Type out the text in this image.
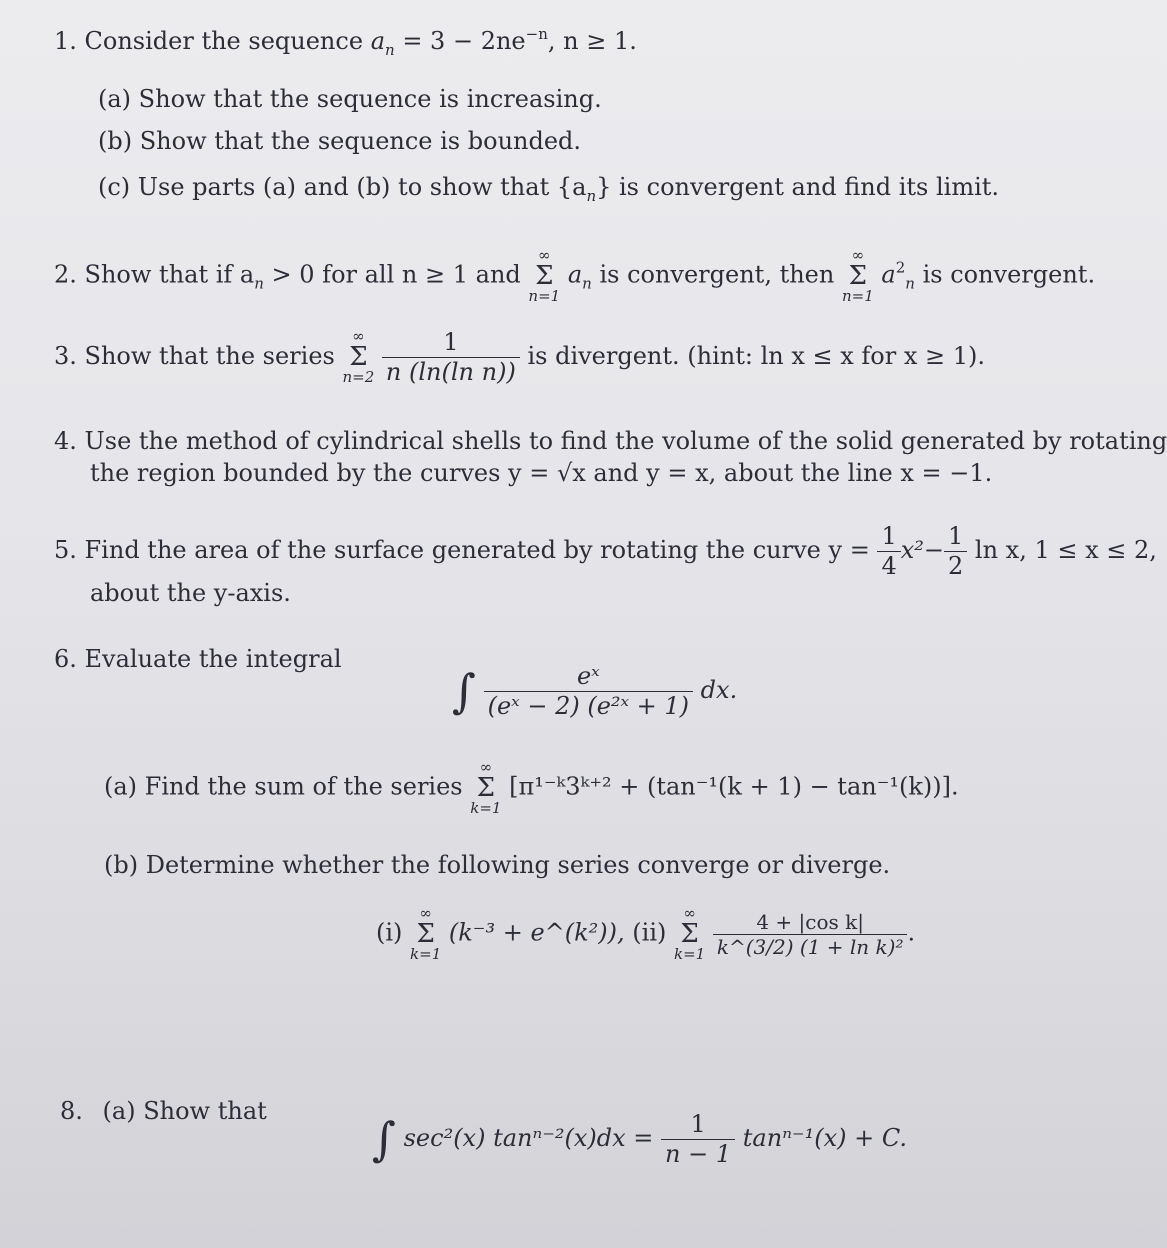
1. Consider the sequence $a_n = 3 - 2ne^{-n}$, n ≥ 1.
(a) Show that the sequence is increasing.
(b) Show that the sequence is bounded.
(c) Use parts (a) and (b) to show that $\{a_n\}$ is convergent and find its limit.
2. Show that if $a_n > 0$ for all n ≥ 1 and
∞
Σ
n=1
$a_n$ is convergent, then
∞
Σ
n=1
$a^2_n$ is convergent.
3. Show that the series
∞
Σ
n=2
$\frac{1}{\text{n (ln(ln n))}}$ is divergent. (hint: ln x ≤ x for x ≥ 1).
4. Use the method of cylindrical shells to find the volume of the solid generated by rotating
the region bounded by the curves y = √x and y = x, about the line x = −1.
5. Find the area of the surface generated by rotating the curve $y = \frac{1}{4} x^2- \frac{1}{2}$ ln x, 1 ≤ x ≤ 2,
about the y-axis.
6. Evaluate the integral
∫ $\frac{\text{eˣ}}{\text{(eˣ − 2) (e²ˣ + 1)}}$ dx.
(a) Find the sum of the series
∞
Σ
k=1
[π¹⁻ᵏ3ᵏ⁺² + (tan⁻¹(k + 1) − tan⁻¹(k))].
(b) Determine whether the following series converge or diverge.
(i)
∞
Σ
k=1
(k⁻³ + e^(k²)), (ii)
∞
Σ
k=1
$\frac{\text{4 + |cos k|}}{\text{k\textasciicircum{}(3/2) (1 + ln k)²}}$ .
8. (a) Show that
∫ sec²(x) $\tan^{n-2}(x)dx = \frac{1}{n - 1} \tan^{n-1}(x) + C$.
